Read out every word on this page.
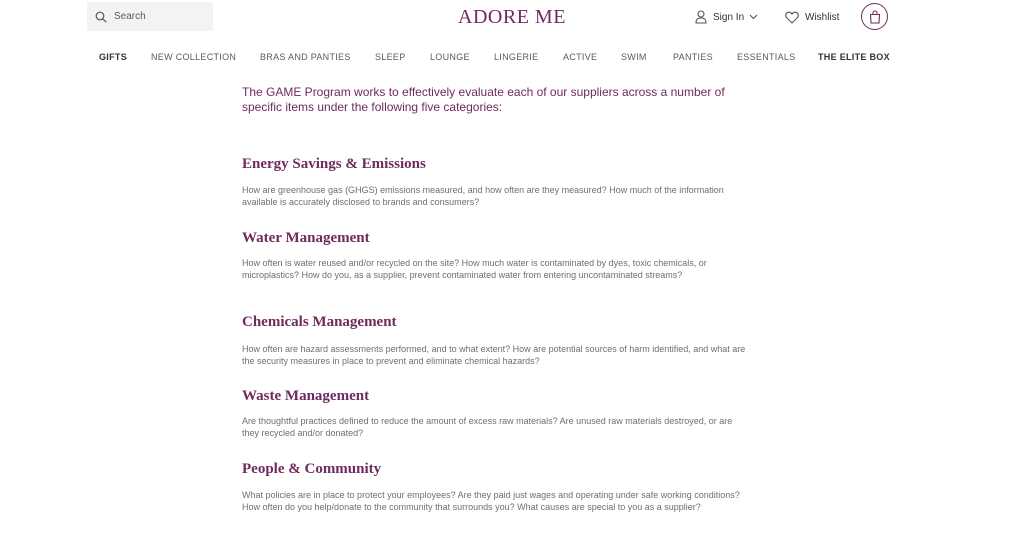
Search
ADORE ME	Sign In	Wishlist
GIFTS	NEW COLLECTION	BRAS AND PANTIES	SLEEP	LOUNGE	LINGERIE	ACTIVE	SWIM	PANTIES	ESSENTIALS THE ELITE BOX

The GAME Program works to effectively evaluate each of our suppliers across a number of specific items under the following five categories:

Energy Savings & Emissions

How are greenhouse gas (GHGS) emissions measured, and how often are they measured? How much of the information available is accurately disclosed to brands and consumers?

Water Management

How often is water reused and/or recycled on the site? How much water is contaminated by dyes, toxic chemicals, or microplastics? How do you, as a supplier, prevent contaminated water from entering uncontaminated streams?

Chemicals Management

How often are hazard assessments performed, and to what extent? How are potential sources of harm identified, and what are the security measures in place to prevent and eliminate chemical hazards?

Waste Management

Are thoughtful practices defined to reduce the amount of excess raw materials? Are unused raw materials destroyed, or are they recycled and/or donated?

People & Community

What policies are in place to protect your employees? Are they paid just wages and operating under safe working conditions? How often do you help/donate to the community that surrounds you? What causes are special to you as a supplier?
